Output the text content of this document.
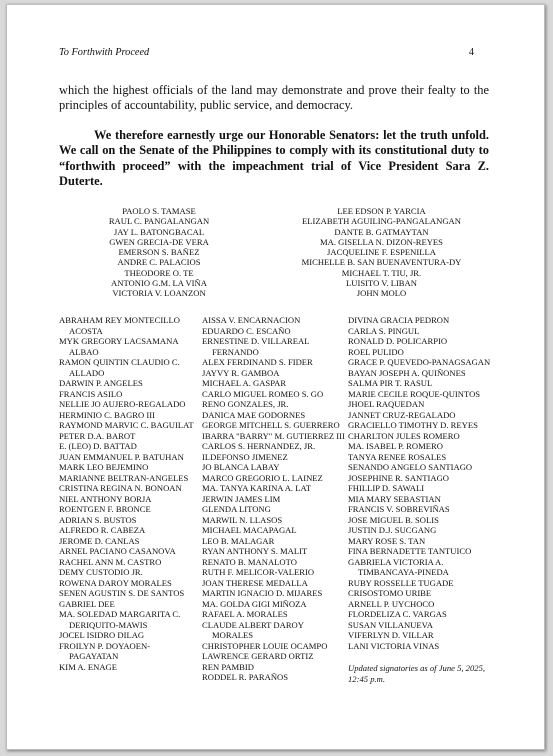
To Forthwith Proceed	4

which the highest officials of the land may demonstrate and prove their fealty to the principles of accountability, public service, and democracy.

We therefore earnestly urge our Honorable Senators: let the truth unfold. We call on the Senate of the Philippines to comply with its constitutional duty to “forthwith proceed” with the impeachment trial of Vice President Sara Z. Duterte.

PAOLO S. TAMASE
RAUL C. PANGALANGAN
JAY L. BATONGBACAL
GWEN GRECIA-DE VERA
EMERSON S. BAÑEZ
ANDRE C. PALACIOS
THEODORE O. TE
ANTONIO G.M. LA VIÑA
VICTORIA V. LOANZON
LEE EDSON P. YARCIA
ELIZABETH AGUILING-PANGALANGAN
DANTE B. GATMAYTAN
MA. GISELLA N. DIZON-REYES
JACQUELINE F. ESPENILLA
MICHELLE B. SAN BUENAVENTURA-DY
MICHAEL T. TIU, JR.
LUISITO V. LIBAN
JOHN MOLO
ABRAHAM REY MONTECILLO ACOSTA
MYK GREGORY LACSAMANA ALBAO
RAMON QUINTIN CLAUDIO C. ALLADO
DARWIN P. ANGELES
FRANCIS ASILO
NELLIE JO AUJERO-REGALADO
HERMINIO C. BAGRO III
RAYMOND MARVIC C. BAGUILAT
PETER D.A. BAROT
E. (LEO) D. BATTAD
JUAN EMMANUEL P. BATUHAN
MARK LEO BEJEMINO
MARIANNE BELTRAN-ANGELES
CRISTINA REGINA N. BONOAN
NIEL ANTHONY BORJA
ROENTGEN F. BRONCE
ADRIAN S. BUSTOS
ALFREDO R. CABEZA
JEROME D. CANLAS
ARNEL PACIANO CASANOVA
RACHEL ANN M. CASTRO
DEMY CUSTODIO JR.
ROWENA DAROY MORALES
SENEN AGUSTIN S. DE SANTOS
GABRIEL DEE
MA. SOLEDAD MARGARITA C. DERIQUITO-MAWIS
JOCEL ISIDRO DILAG
FROILYN P. DOYAOEN-PAGAYATAN
KIM A. ENAGE
AISSA V. ENCARNACION
EDUARDO C. ESCAÑO
ERNESTINE D. VILLAREAL FERNANDO
ALEX FERDINAND S. FIDER
JAYVY R. GAMBOA
MICHAEL A. GASPAR
CARLO MIGUEL ROMEO S. GO
RENO GONZALES, JR.
DANICA MAE GODORNES
GEORGE MITCHELL S. GUERRERO
IBARRA "BARRY" M. GUTIERREZ III
CARLOS S. HERNANDEZ, JR.
ILDEFONSO JIMENEZ
JO BLANCA LABAY
MARCO GREGORIO L. LAINEZ
MA. TANYA KARINA A. LAT
JERWIN JAMES LIM
GLENDA LITONG
MARWIL N. LLASOS
MICHAEL MACAPAGAL
LEO B. MALAGAR
RYAN ANTHONY S. MALIT
RENATO B. MANALOTO
RUTH F. MELICOR-VALERIO
JOAN THERESE MEDALLA
MARTIN IGNACIO D. MIJARES
MA. GOLDA GIGI MIÑOZA
RAFAEL A. MORALES
CLAUDE ALBERT DAROY MORALES
CHRISTOPHER LOUIE OCAMPO
LAWRENCE GERARD ORTIZ
REN PAMBID
RODDEL R. PARAÑOS
DIVINA GRACIA PEDRON
CARLA S. PINGUL
RONALD D. POLICARPIO
ROEL PULIDO
GRACE P. QUEVEDO-PANAGSAGAN
BAYAN JOSEPH A. QUIÑONES
SALMA PIR T. RASUL
MARIE CECILE ROQUE-QUINTOS
JHOEL RAQUEDAN
JANNET CRUZ-REGALADO
GRACIELLO TIMOTHY D. REYES
CHARLTON JULES ROMERO
MA. ISABEL P. ROMERO
TANYA RENEE ROSALES
SENANDO ANGELO SANTIAGO
JOSEPHINE R. SANTIAGO
FHILLIP D. SAWALI
MIA MARY SEBASTIAN
FRANCIS V. SOBREVIÑAS
JOSE MIGUEL B. SOLIS
JUSTIN D.J. SUCGANG
MARY ROSE S. TAN
FINA BERNADETTE TANTUICO
GABRIELA VICTORIA A. TIMBANCAYA-PINEDA
RUBY ROSSELLE TUGADE
CRISOSTOMO URIBE
ARNELL P. UYCHOCO
FLORDELIZA C. VARGAS
SUSAN VILLANUEVA
VIFERLYN D. VILLAR
LANI VICTORIA VINAS
Updated signatories as of June 5, 2025, 12:45 p.m.
